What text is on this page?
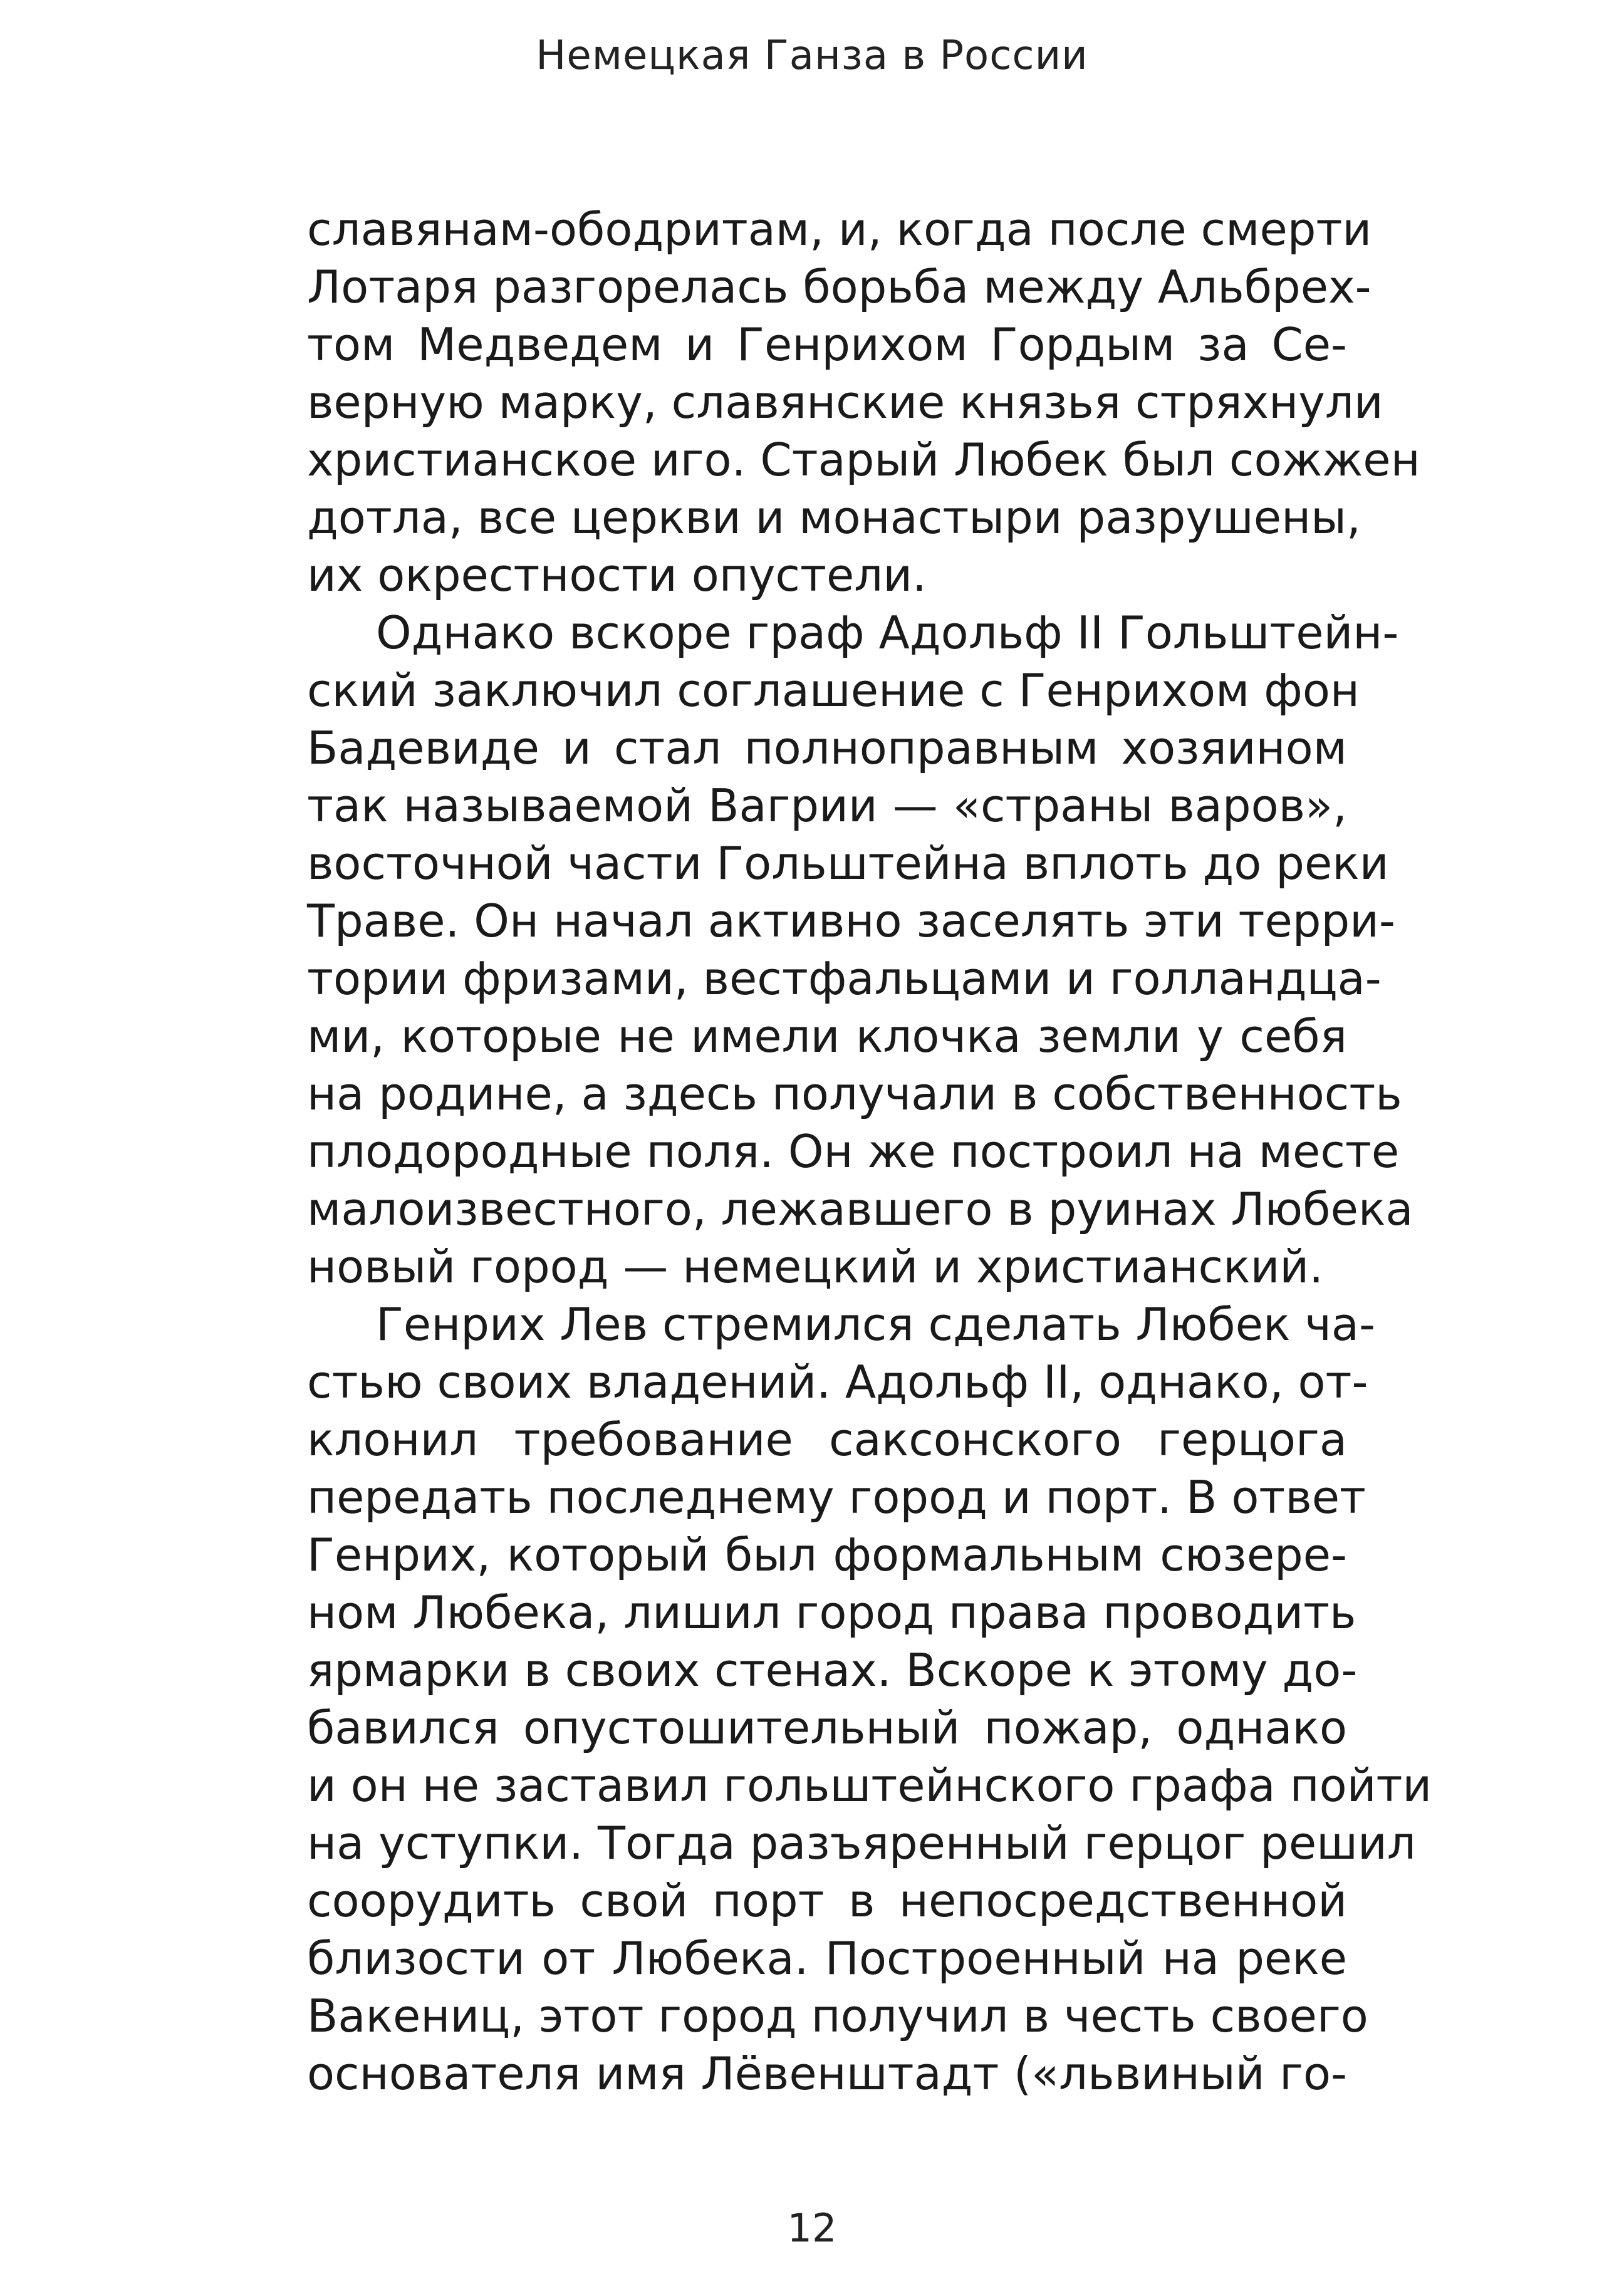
Немецкая Ганза в России
славянам-ободритам, и, когда после смерти
Лотаря разгорелась борьба между Альбрех-
том Медведем и Генрихом Гордым за Се-
верную марку, славянские князья стряхнули
христианское иго. Старый Любек был сожжен
дотла, все церкви и монастыри разрушены,
их окрестности опустели.
Однако вскоре граф Адольф II Гольштейн-
ский заключил соглашение с Генрихом фон
Бадевиде и стал полноправным хозяином
так называемой Вагрии — «страны варов»,
восточной части Гольштейна вплоть до реки
Траве. Он начал активно заселять эти терри-
тории фризами, вестфальцами и голландца-
ми, которые не имели клочка земли у себя
на родине, а здесь получали в собственность
плодородные поля. Он же построил на месте
малоизвестного, лежавшего в руинах Любека
новый город — немецкий и христианский.
Генрих Лев стремился сделать Любек ча-
стью своих владений. Адольф II, однако, от-
клонил требование саксонского герцога
передать последнему город и порт. В ответ
Генрих, который был формальным сюзере-
ном Любека, лишил город права проводить
ярмарки в своих стенах. Вскоре к этому до-
бавился опустошительный пожар, однако
и он не заставил гольштейнского графа пойти
на уступки. Тогда разъяренный герцог решил
соорудить свой порт в непосредственной
близости от Любека. Построенный на реке
Вакениц, этот город получил в честь своего
основателя имя Лёвенштадт («львиный го-
12
